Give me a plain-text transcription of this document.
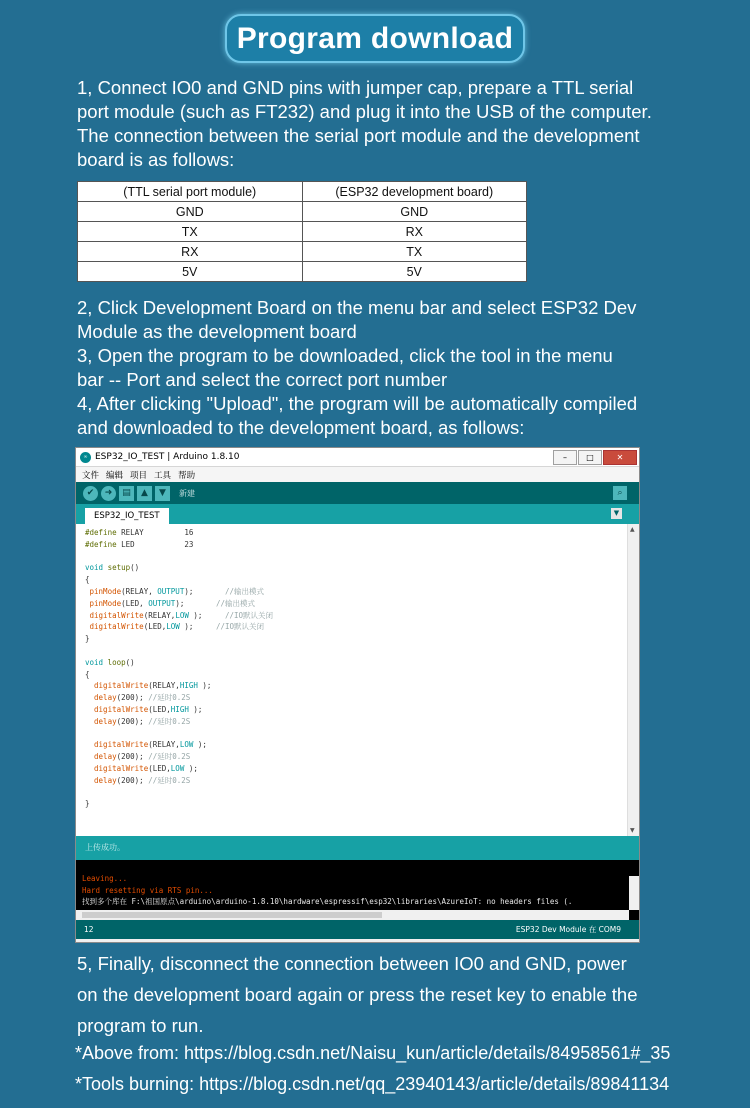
Program download
1, Connect IO0 and GND pins with jumper cap, prepare a TTL serial
port module (such as FT232) and plug it into the USB of the computer.
The connection between the serial port module and the development
board is as follows:
(TTL serial port module)	(ESP32 development board)
GND	GND
TX	RX
RX	TX
5V	5V
2, Click Development Board on the menu bar and select ESP32 Dev
Module as the development board
3, Open the program to be downloaded, click the tool in the menu
bar -- Port and select the correct port number
4, After clicking "Upload", the program will be automatically compiled
and downloaded to the development board, as follows:
∞ ESP32_IO_TEST | Arduino 1.8.10	–	□	✕
文件 编辑 项目 工具 帮助
✔	➜	▤	▲	▼	新建	⌕
ESP32_IO_TEST	▼
#define RELAY         16
#define LED           23

void setup()
{
pinMode(RELAY, OUTPUT);       //输出模式
pinMode(LED, OUTPUT);       //输出模式
digitalWrite(RELAY,LOW );     //IO默认关闭
digitalWrite(LED,LOW );     //IO默认关闭
}

void loop()
{
digitalWrite(RELAY,HIGH );
delay(200); //延时0.2S
digitalWrite(LED,HIGH );
delay(200); //延时0.2S

digitalWrite(RELAY,LOW );
delay(200); //延时0.2S
digitalWrite(LED,LOW );
delay(200); //延时0.2S

}
▲
▼
上传成功。
Leaving...
Hard resetting via RTS pin...
找到多个库在 F:\祖国原点\arduino\arduino-1.8.10\hardware\espressif\esp32\libraries\AzureIoT: no headers files (.
12	ESP32 Dev Module 在 COM9
5, Finally, disconnect the connection between IO0 and GND, power
on the development board again or press the reset key to enable the
program to run.
*Above from: https://blog.csdn.net/Naisu_kun/article/details/84958561#_35
*Tools burning: https://blog.csdn.net/qq_23940143/article/details/89841134
